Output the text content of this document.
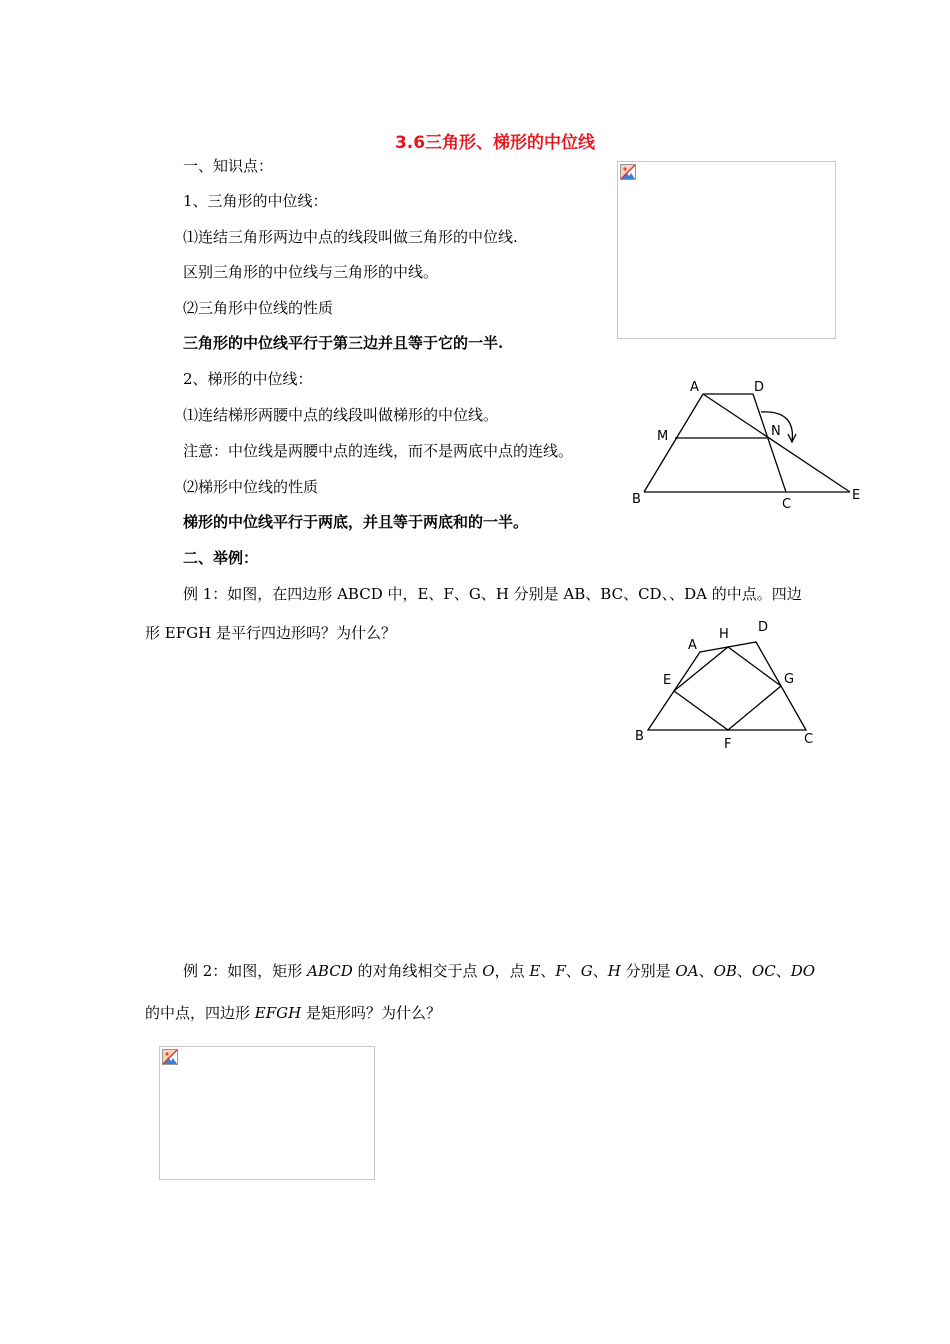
3.6三角形、梯形的中位线
一、知识点：
1、三角形的中位线：
⑴连结三角形两边中点的线段叫做三角形的中位线.
区别三角形的中位线与三角形的中线。
⑵三角形中位线的性质
三角形的中位线平行于第三边并且等于它的一半.
2、梯形的中位线：
⑴连结梯形两腰中点的线段叫做梯形的中位线。
注意：中位线是两腰中点的连线，而不是两底中点的连线。
⑵梯形中位线的性质
梯形的中位线平行于两底，并且等于两底和的一半。
二、举例：
例 1：如图，在四边形 ABCD 中，E、F、G、H 分别是 AB、BC、CD、、DA 的中点。四边
形 EFGH 是平行四边形吗？为什么？
例 2：如图，矩形 ABCD 的对角线相交于点 O，点 E、F、G、H 分别是 OA、OB、OC、DO
的中点，四边形 EFGH 是矩形吗？为什么？
A	D
M	N
B	C
E
A
H D
E	G
B
F	C
